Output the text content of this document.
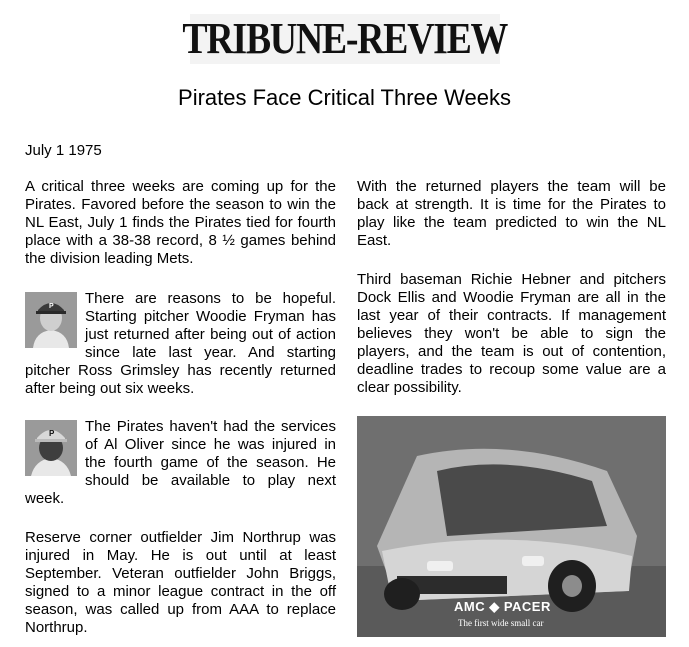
TRIBUNE-REVIEW
Pirates Face Critical Three Weeks
July 1 1975

A critical three weeks are coming up for the Pirates. Favored before the season to win the NL East, July 1 finds the Pirates tied for fourth place with a 38-38 record, 8 ½ games behind the division leading Mets.

P There are reasons to be hopeful. Starting pitcher Woodie Fryman has just returned after being out of action since late last year. And starting pitcher Ross Grimsley has recently returned after being out six weeks.
P The Pirates haven't had the services of Al Oliver since he was injured in the fourth game of the season. He should be available to play next week.

Reserve corner outfielder Jim Northrup was injured in May. He is out until at least September. Veteran outfielder John Briggs, signed to a minor league contract in the off season, was called up from AAA to replace Northrup.

With the returned players the team will be back at strength. It is time for the Pirates to play like the team predicted to win the NL East.

Third baseman Richie Hebner and pitchers Dock Ellis and Woodie Fryman are all in the last year of their contracts. If management believes they won't be able to sign the players, and the team is out of contention, deadline trades to recoup some value are a clear possibility.

AMC ◆ PACER
The first wide small car
